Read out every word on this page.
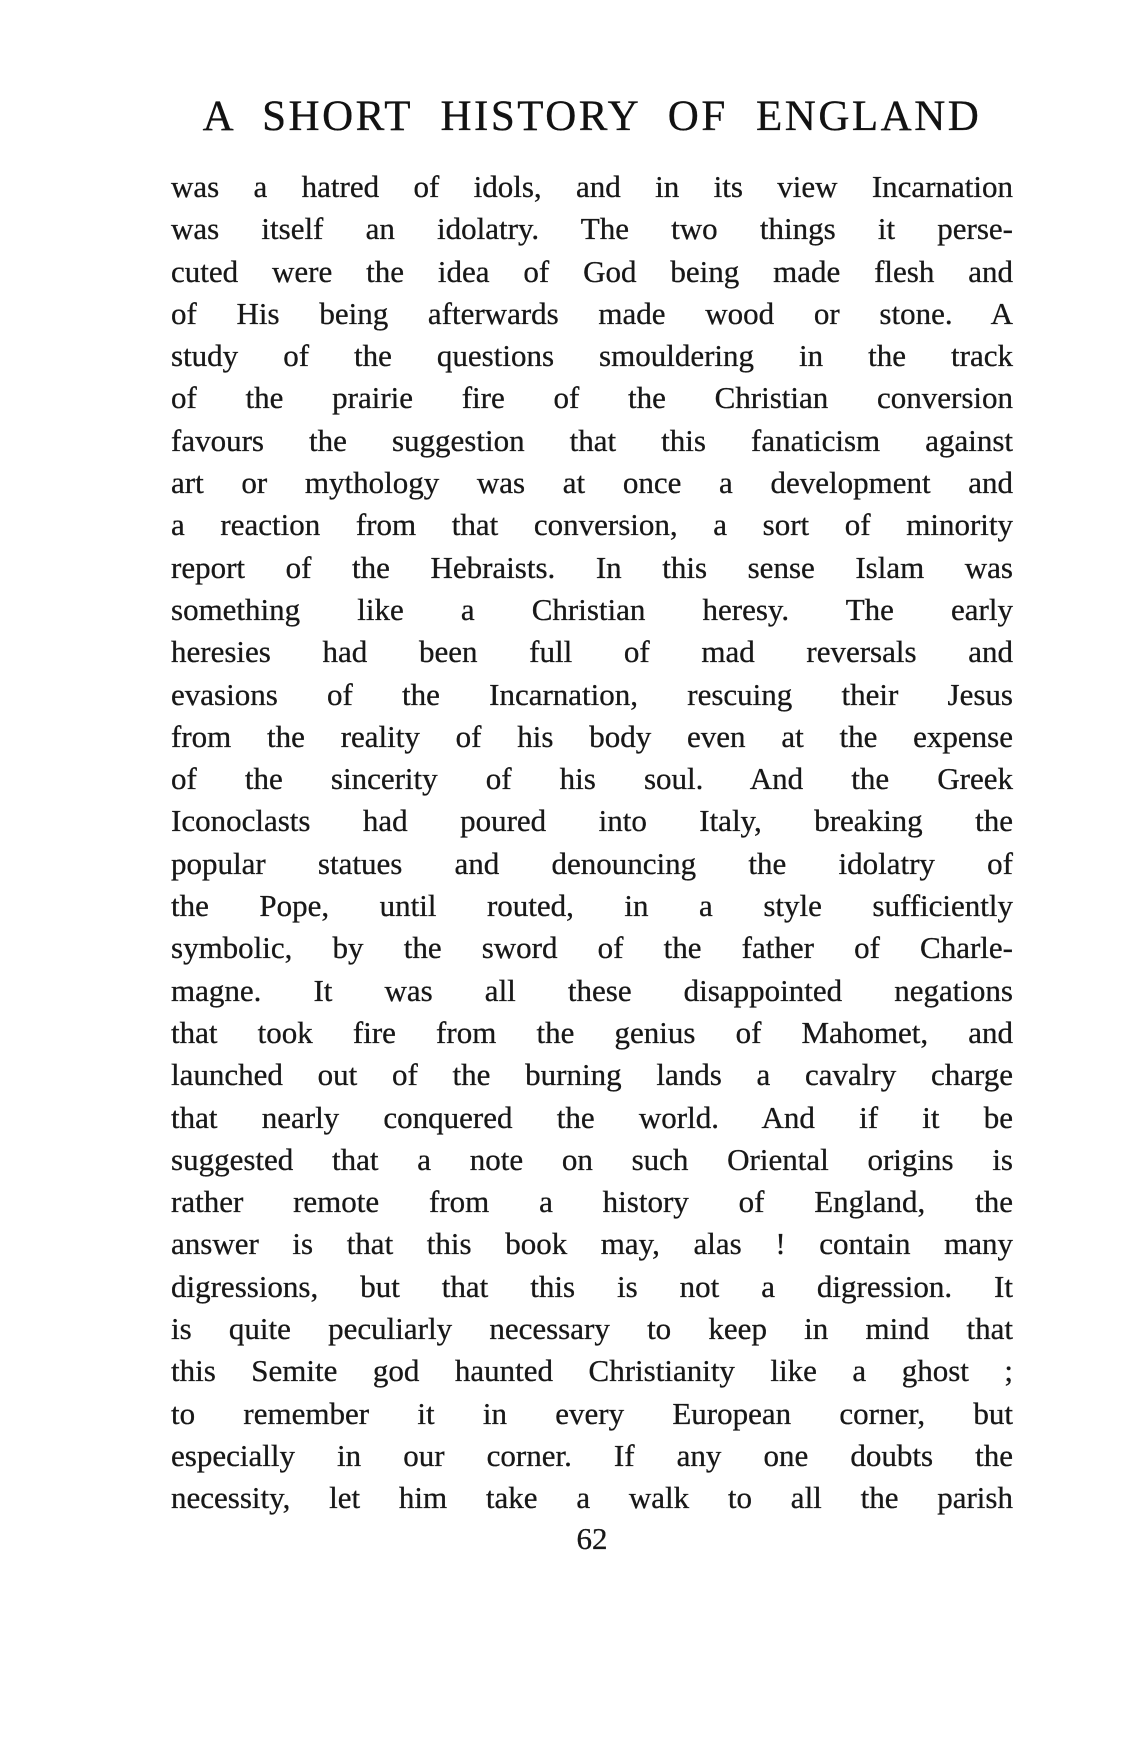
A SHORT HISTORY OF ENGLAND
was a hatred of idols, and in its view Incarnation
was itself an idolatry. The two things it perse-
cuted were the idea of God being made flesh and
of His being afterwards made wood or stone. A
study of the questions smouldering in the track
of the prairie fire of the Christian conversion
favours the suggestion that this fanaticism against
art or mythology was at once a development and
a reaction from that conversion, a sort of minority
report of the Hebraists. In this sense Islam was
something like a Christian heresy. The early
heresies had been full of mad reversals and
evasions of the Incarnation, rescuing their Jesus
from the reality of his body even at the expense
of the sincerity of his soul. And the Greek
Iconoclasts had poured into Italy, breaking the
popular statues and denouncing the idolatry of
the Pope, until routed, in a style sufficiently
symbolic, by the sword of the father of Charle-
magne. It was all these disappointed negations
that took fire from the genius of Mahomet, and
launched out of the burning lands a cavalry charge
that nearly conquered the world. And if it be
suggested that a note on such Oriental origins is
rather remote from a history of England, the
answer is that this book may, alas ! contain many
digressions, but that this is not a digression. It
is quite peculiarly necessary to keep in mind that
this Semite god haunted Christianity like a ghost ;
to remember it in every European corner, but
especially in our corner. If any one doubts the
necessity, let him take a walk to all the parish
62
